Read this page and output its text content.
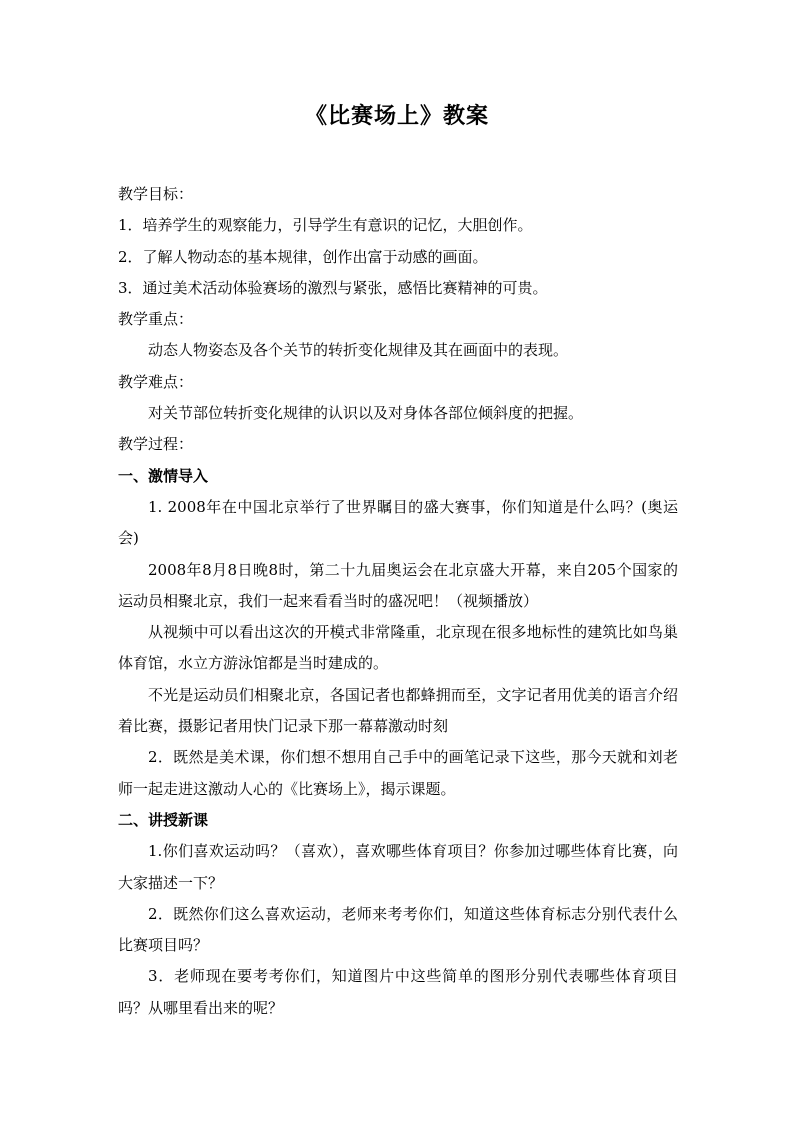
《比赛场上》教案

教学目标：

1．培养学生的观察能力，引导学生有意识的记忆，大胆创作。

2．了解人物动态的基本规律，创作出富于动感的画面。

3．通过美术活动体验赛场的激烈与紧张，感悟比赛精神的可贵。

教学重点：

动态人物姿态及各个关节的转折变化规律及其在画面中的表现。

教学难点：

对关节部位转折变化规律的认识以及对身体各部位倾斜度的把握。

教学过程：

一、激情导入

1. 2008年在中国北京举行了世界瞩目的盛大赛事，你们知道是什么吗？(奥运会)

2008年8月8日晚8时，第二十九届奥运会在北京盛大开幕，来自205个国家的运动员相聚北京，我们一起来看看当时的盛况吧！（视频播放）

从视频中可以看出这次的开模式非常隆重，北京现在很多地标性的建筑比如鸟巢体育馆，水立方游泳馆都是当时建成的。

不光是运动员们相聚北京，各国记者也都蜂拥而至，文字记者用优美的语言介绍着比赛，摄影记者用快门记录下那一幕幕激动时刻

2．既然是美术课，你们想不想用自己手中的画笔记录下这些，那今天就和刘老师一起走进这激动人心的《比赛场上》，揭示课题。

二、讲授新课

1.你们喜欢运动吗？（喜欢），喜欢哪些体育项目？你参加过哪些体育比赛，向大家描述一下？

2．既然你们这么喜欢运动，老师来考考你们，知道这些体育标志分别代表什么比赛项目吗？

3．老师现在要考考你们，知道图片中这些简单的图形分别代表哪些体育项目吗？从哪里看出来的呢？
